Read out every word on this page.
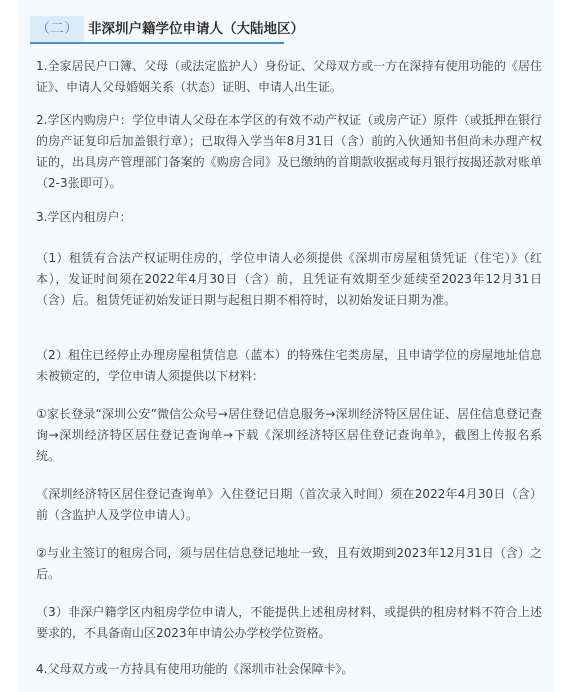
（二） 非深圳户籍学位申请人（大陆地区）

1.全家居民户口簿、父母（或法定监护人）身份证、父母双方或一方在深持有使用功能的《居住证》、申请人父母婚姻关系（状态）证明、申请人出生证。

2.学区内购房户：学位申请人父母在本学区的有效不动产权证（或房产证）原件（或抵押在银行的房产证复印后加盖银行章）；已取得入学当年8月31日（含）前的入伙通知书但尚未办理产权证的，出具房产管理部门备案的《购房合同》及已缴纳的首期款收据或每月银行按揭还款对账单（2-3张即可）。

3.学区内租房户：

（1）租赁有合法产权证明住房的，学位申请人必须提供《深圳市房屋租赁凭证（住宅）》（红本），发证时间须在2022年4月30日（含）前，且凭证有效期至少延续至2023年12月31日（含）后。租赁凭证初始发证日期与起租日期不相符时，以初始发证日期为准。

（2）租住已经停止办理房屋租赁信息（蓝本）的特殊住宅类房屋，且申请学位的房屋地址信息未被锁定的，学位申请人须提供以下材料：

①家长登录“深圳公安”微信公众号→居住登记信息服务→深圳经济特区居住证、居住信息登记查询→深圳经济特区居住登记查询单→下载《深圳经济特区居住登记查询单》，截图上传报名系统。

《深圳经济特区居住登记查询单》入住登记日期（首次录入时间）须在2022年4月30日（含）前（含监护人及学位申请人）。

②与业主签订的租房合同，须与居住信息登记地址一致，且有效期到2023年12月31日（含）之后。

（3）非深户籍学区内租房学位申请人，不能提供上述租房材料，或提供的租房材料不符合上述要求的，不具备南山区2023年申请公办学校学位资格。

4.父母双方或一方持具有使用功能的《深圳市社会保障卡》。
